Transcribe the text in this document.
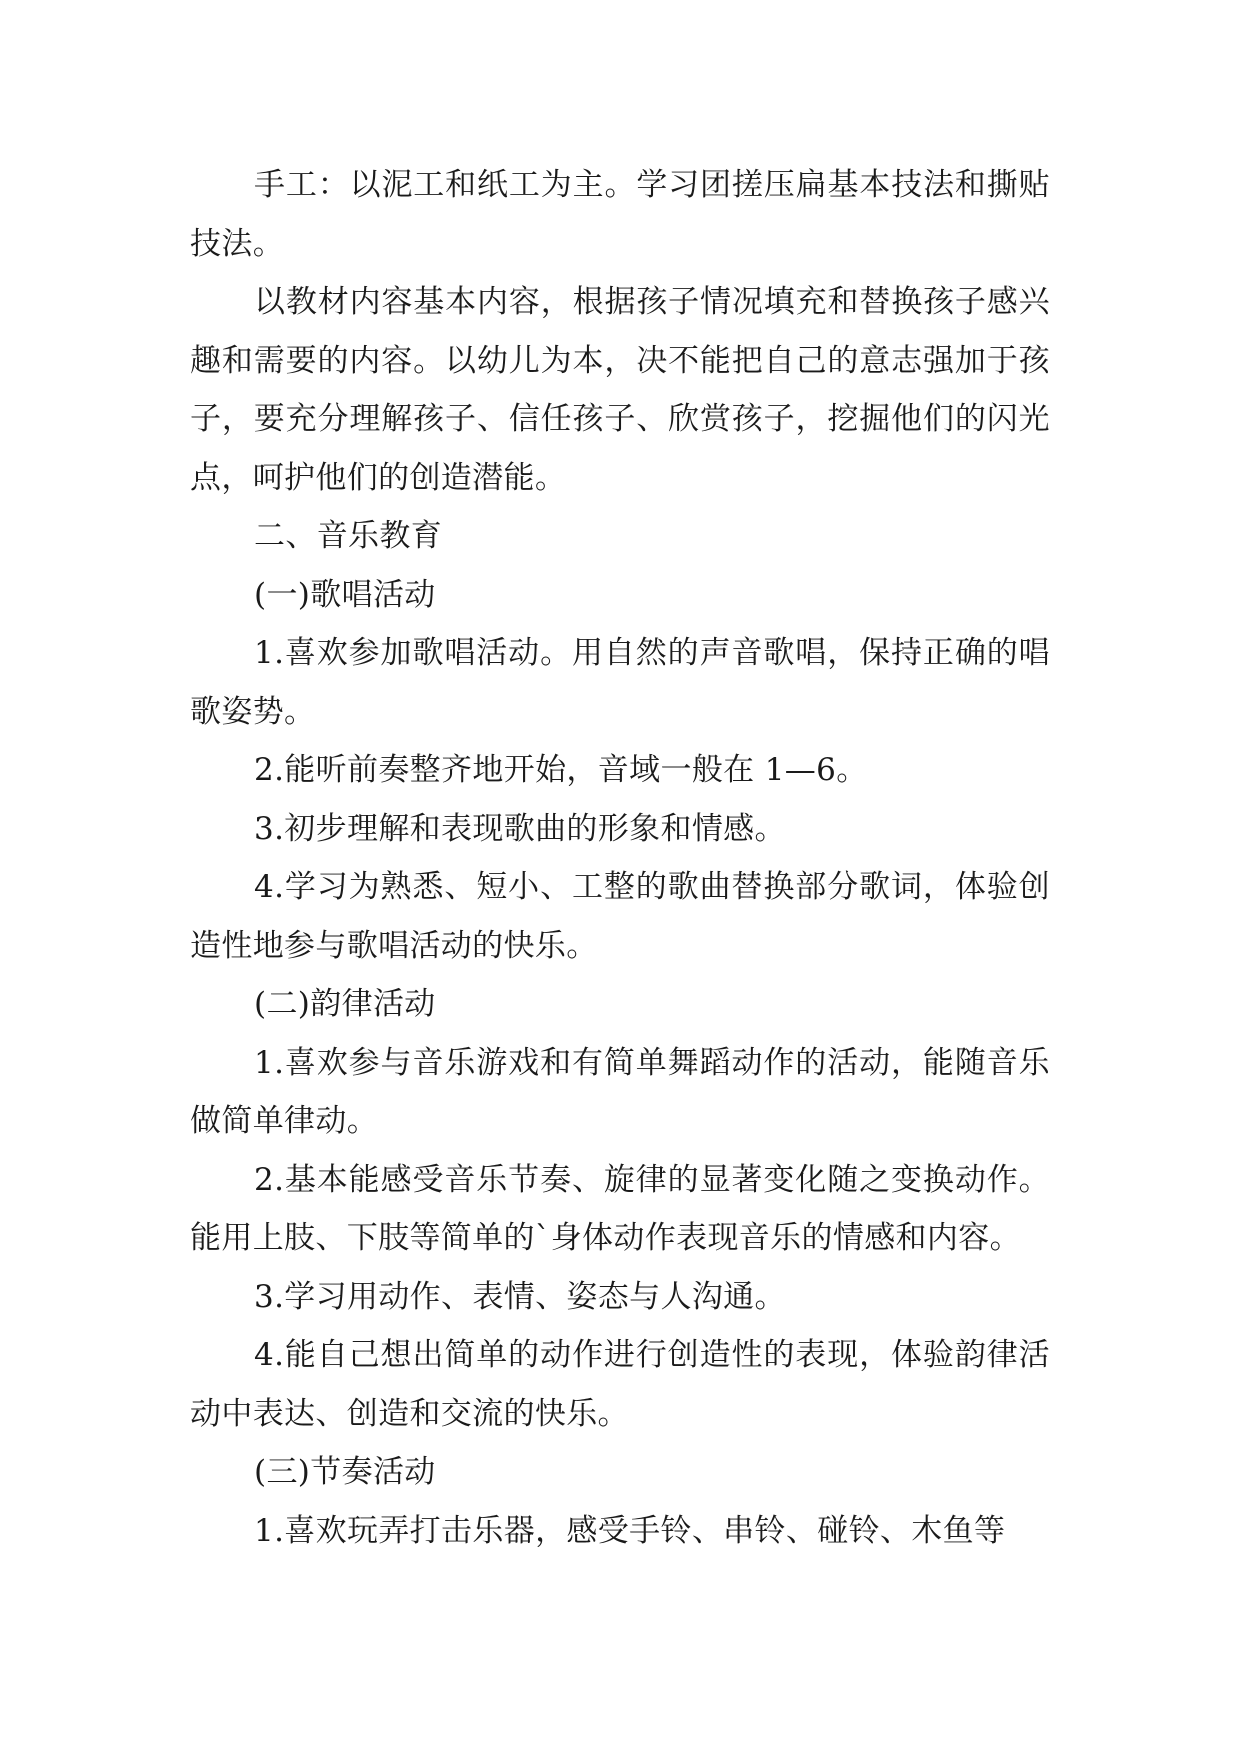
手工：以泥工和纸工为主。学习团搓压扁基本技法和撕贴技法。

以教材内容基本内容，根据孩子情况填充和替换孩子感兴趣和需要的内容。以幼儿为本，决不能把自己的意志强加于孩子，要充分理解孩子、信任孩子、欣赏孩子，挖掘他们的闪光点，呵护他们的创造潜能。

二、音乐教育

(一)歌唱活动

1.喜欢参加歌唱活动。用自然的声音歌唱，保持正确的唱歌姿势。

2.能听前奏整齐地开始，音域一般在 1—6。

3.初步理解和表现歌曲的形象和情感。

4.学习为熟悉、短小、工整的歌曲替换部分歌词，体验创造性地参与歌唱活动的快乐。

(二)韵律活动

1.喜欢参与音乐游戏和有简单舞蹈动作的活动，能随音乐做简单律动。

2.基本能感受音乐节奏、旋律的显著变化随之变换动作。能用上肢、下肢等简单的`身体动作表现音乐的情感和内容。

3.学习用动作、表情、姿态与人沟通。

4.能自己想出简单的动作进行创造性的表现，体验韵律活动中表达、创造和交流的快乐。

(三)节奏活动

1.喜欢玩弄打击乐器，感受手铃、串铃、碰铃、木鱼等
